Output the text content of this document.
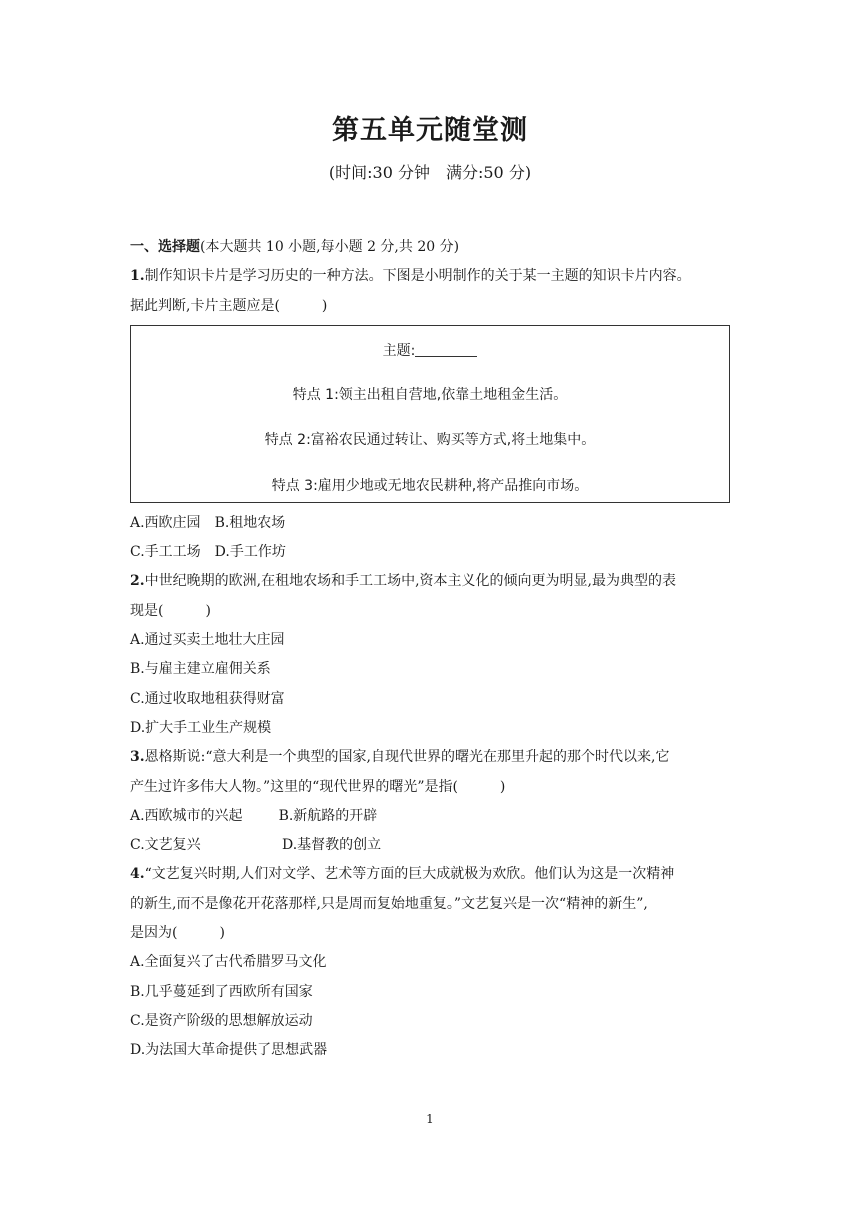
第五单元随堂测
(时间:30 分钟　满分:50 分)
一、选择题(本大题共 10 小题,每小题 2 分,共 20 分)
1.制作知识卡片是学习历史的一种方法。下图是小明制作的关于某一主题的知识卡片内容。
据此判断,卡片主题应是(　　　)
主题:
特点 1:领主出租自营地,依靠土地租金生活。
特点 2:富裕农民通过转让、购买等方式,将土地集中。
特点 3:雇用少地或无地农民耕种,将产品推向市场。
A.西欧庄园 B.租地农场
C.手工工场 D.手工作坊
2.中世纪晚期的欧洲,在租地农场和手工工场中,资本主义化的倾向更为明显,最为典型的表
现是(　　　)
A.通过买卖土地壮大庄园
B.与雇主建立雇佣关系
C.通过收取地租获得财富
D.扩大手工业生产规模
3.恩格斯说:“意大利是一个典型的国家,自现代世界的曙光在那里升起的那个时代以来,它
产生过许多伟大人物。”这里的“现代世界的曙光”是指(　　　)
A.西欧城市的兴起	B.新航路的开辟
C.文艺复兴	D.基督教的创立
4.“文艺复兴时期,人们对文学、艺术等方面的巨大成就极为欢欣。他们认为这是一次精神
的新生,而不是像花开花落那样,只是周而复始地重复。”文艺复兴是一次“精神的新生”,
是因为(　　　)
A.全面复兴了古代希腊罗马文化
B.几乎蔓延到了西欧所有国家
C.是资产阶级的思想解放运动
D.为法国大革命提供了思想武器
1
